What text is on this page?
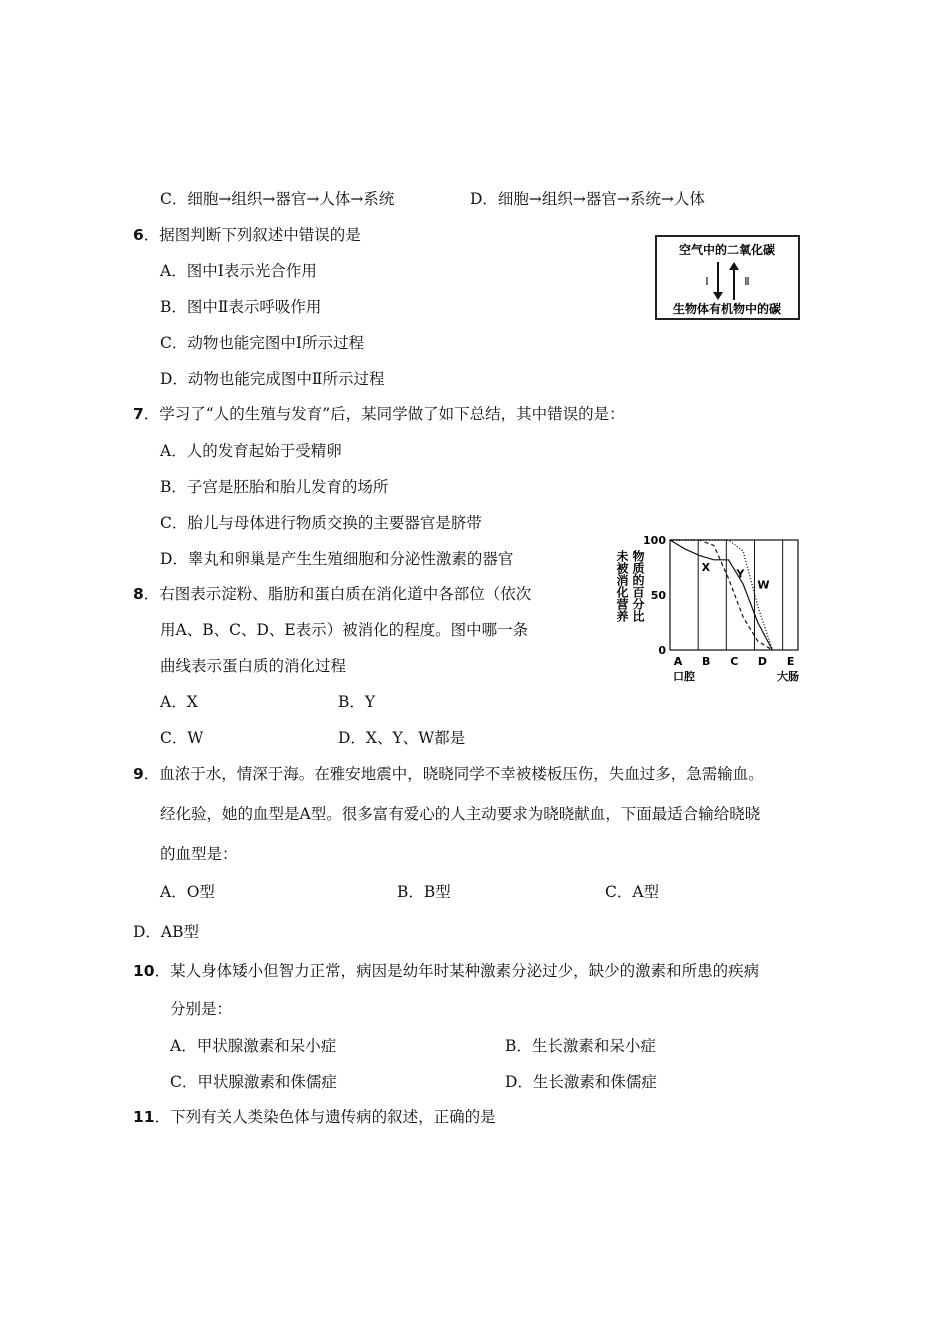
C．细胞→组织→器官→人体→系统	D．细胞→组织→器官→系统→人体
6．据图判断下列叙述中错误的是
A．图中Ⅰ表示光合作用
B．图中Ⅱ表示呼吸作用
C．动物也能完图中Ⅰ所示过程
D．动物也能完成图中Ⅱ所示过程
空气中的二氧化碳
生物体有机物中的碳
Ⅰ	Ⅱ
7．学习了“人的生殖与发育”后，某同学做了如下总结，其中错误的是：
A．人的发育起始于受精卵
B．子宫是胚胎和胎儿发育的场所
C．胎儿与母体进行物质交换的主要器官是脐带
D．睾丸和卵巢是产生生殖细胞和分泌性激素的器官
8．右图表示淀粉、脂肪和蛋白质在消化道中各部位（依次
用A、B、C、D、E表示）被消化的程度。图中哪一条
曲线表示蛋白质的消化过程
A．X	B．Y
C．W	D．X、Y、W都是
未被消化营养 物质的百分比
100
50
0
A B C D E
口腔	大肠
X
Y
W
9．血浓于水，情深于海。在雅安地震中，晓晓同学不幸被楼板压伤，失血过多，急需输血。
经化验，她的血型是A型。很多富有爱心的人主动要求为晓晓献血，下面最适合输给晓晓
的血型是：
A．O型	B．B型	C．A型
D．AB型
10．某人身体矮小但智力正常，病因是幼年时某种激素分泌过少，缺少的激素和所患的疾病
分别是：
A．甲状腺激素和呆小症	B．生长激素和呆小症
C．甲状腺激素和侏儒症	D．生长激素和侏儒症
11．下列有关人类染色体与遗传病的叙述，正确的是
